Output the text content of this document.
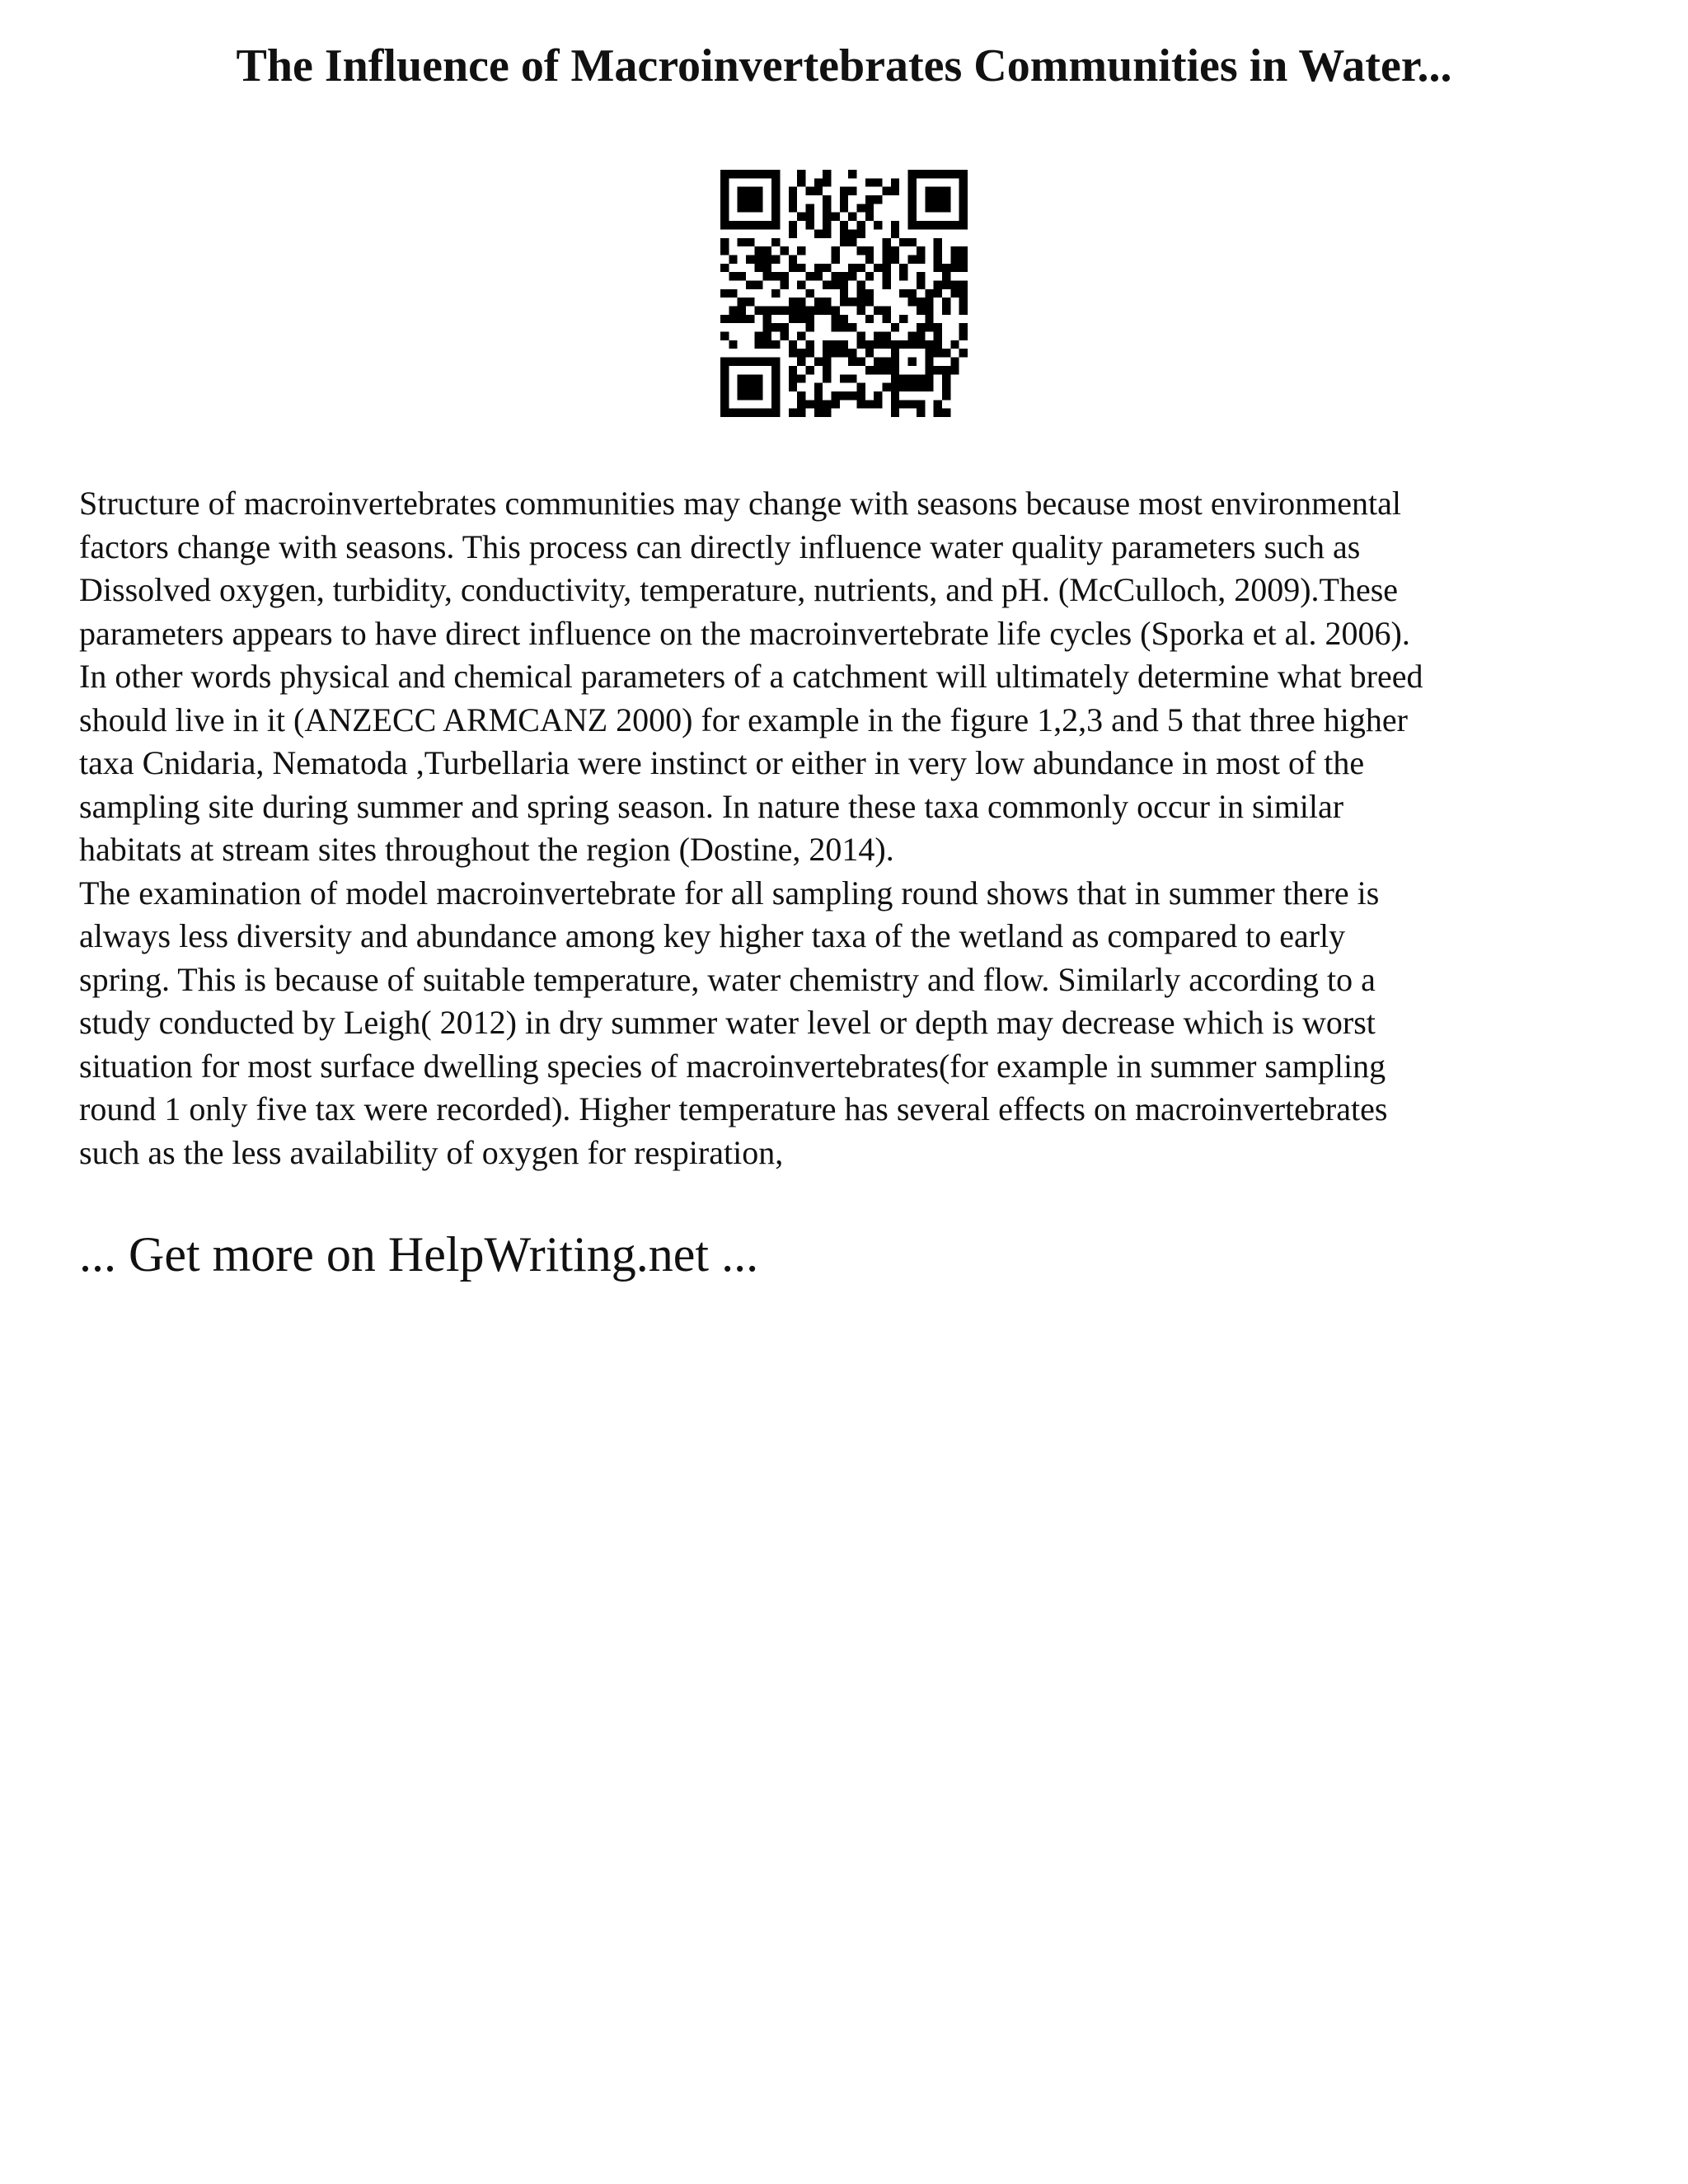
The Influence of Macroinvertebrates Communities in Water...

Structure of macroinvertebrates communities may change with seasons because most environmental
factors change with seasons. This process can directly influence water quality parameters such as
Dissolved oxygen, turbidity, conductivity, temperature, nutrients, and pH. (McCulloch, 2009).These
parameters appears to have direct influence on the macroinvertebrate life cycles (Sporka et al. 2006).
In other words physical and chemical parameters of a catchment will ultimately determine what breed
should live in it (ANZECC ARMCANZ 2000) for example in the figure 1,2,3 and 5 that three higher
taxa Cnidaria, Nematoda ,Turbellaria were instinct or either in very low abundance in most of the
sampling site during summer and spring season. In nature these taxa commonly occur in similar
habitats at stream sites throughout the region (Dostine, 2014).

The examination of model macroinvertebrate for all sampling round shows that in summer there is
always less diversity and abundance among key higher taxa of the wetland as compared to early
spring. This is because of suitable temperature, water chemistry and flow. Similarly according to a
study conducted by Leigh( 2012) in dry summer water level or depth may decrease which is worst
situation for most surface dwelling species of macroinvertebrates(for example in summer sampling
round 1 only five tax were recorded). Higher temperature has several effects on macroinvertebrates
such as the less availability of oxygen for respiration,

... Get more on HelpWriting.net ...
